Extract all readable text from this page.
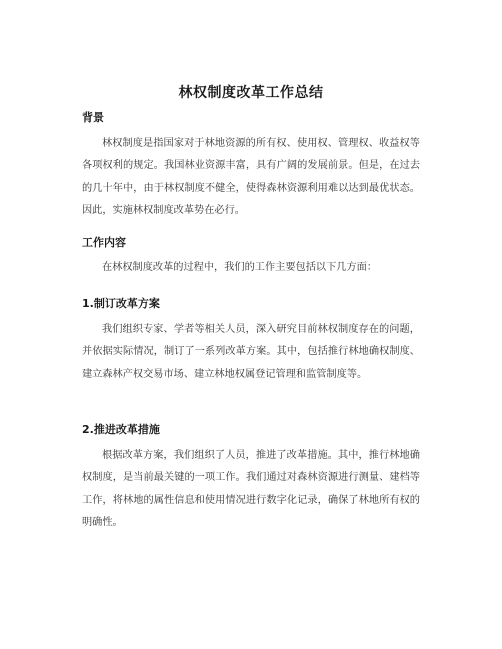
林权制度改革工作总结
背景

林权制度是指国家对于林地资源的所有权、使用权、管理权、收益权等各项权利的规定。我国林业资源丰富，具有广阔的发展前景。但是，在过去的几十年中，由于林权制度不健全，使得森林资源利用难以达到最优状态。因此，实施林权制度改革势在必行。

工作内容

在林权制度改革的过程中，我们的工作主要包括以下几方面：

1.制订改革方案

我们组织专家、学者等相关人员，深入研究目前林权制度存在的问题，并依据实际情况，制订了一系列改革方案。其中，包括推行林地确权制度、建立森林产权交易市场、建立林地权属登记管理和监管制度等。

2.推进改革措施

根据改革方案，我们组织了人员，推进了改革措施。其中，推行林地确权制度，是当前最关键的一项工作。我们通过对森林资源进行测量、建档等工作，将林地的属性信息和使用情况进行数字化记录，确保了林地所有权的明确性。
